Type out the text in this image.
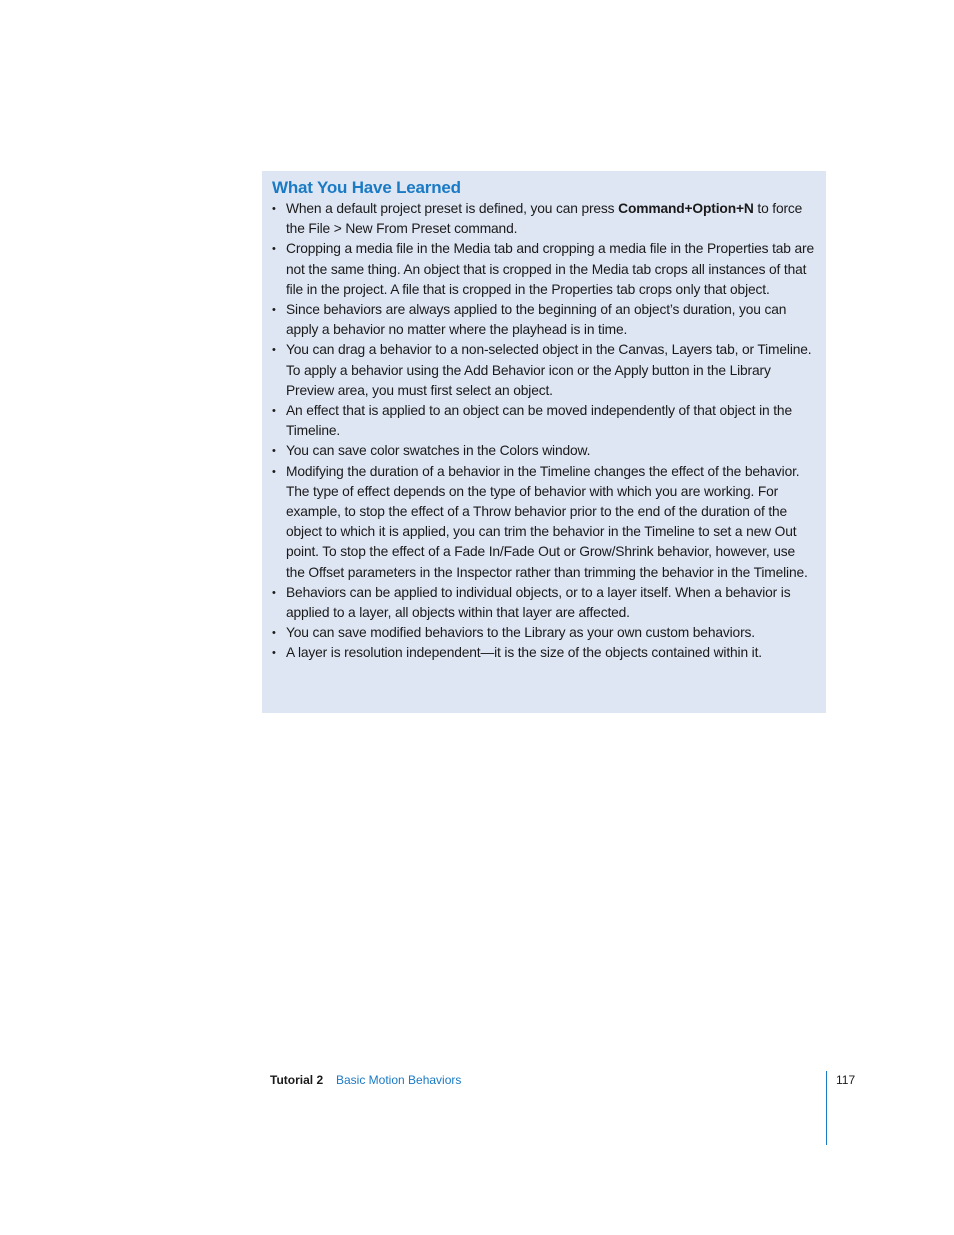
What You Have Learned
• When a default project preset is defined, you can press Command+Option+N to force the File > New From Preset command.
• Cropping a media file in the Media tab and cropping a media file in the Properties tab are not the same thing. An object that is cropped in the Media tab crops all instances of that file in the project. A file that is cropped in the Properties tab crops only that object.
• Since behaviors are always applied to the beginning of an object’s duration, you can apply a behavior no matter where the playhead is in time.
• You can drag a behavior to a non-selected object in the Canvas, Layers tab, or Timeline. To apply a behavior using the Add Behavior icon or the Apply button in the Library Preview area, you must first select an object.
• An effect that is applied to an object can be moved independently of that object in the Timeline.
• You can save color swatches in the Colors window.
• Modifying the duration of a behavior in the Timeline changes the effect of the behavior. The type of effect depends on the type of behavior with which you are working. For example, to stop the effect of a Throw behavior prior to the end of the duration of the object to which it is applied, you can trim the behavior in the Timeline to set a new Out point. To stop the effect of a Fade In/Fade Out or Grow/Shrink behavior, however, use the Offset parameters in the Inspector rather than trimming the behavior in the Timeline.
• Behaviors can be applied to individual objects, or to a layer itself. When a behavior is applied to a layer, all objects within that layer are affected.
• You can save modified behaviors to the Library as your own custom behaviors.
• A layer is resolution independent—it is the size of the objects contained within it.
Tutorial 2 Basic Motion Behaviors	117
